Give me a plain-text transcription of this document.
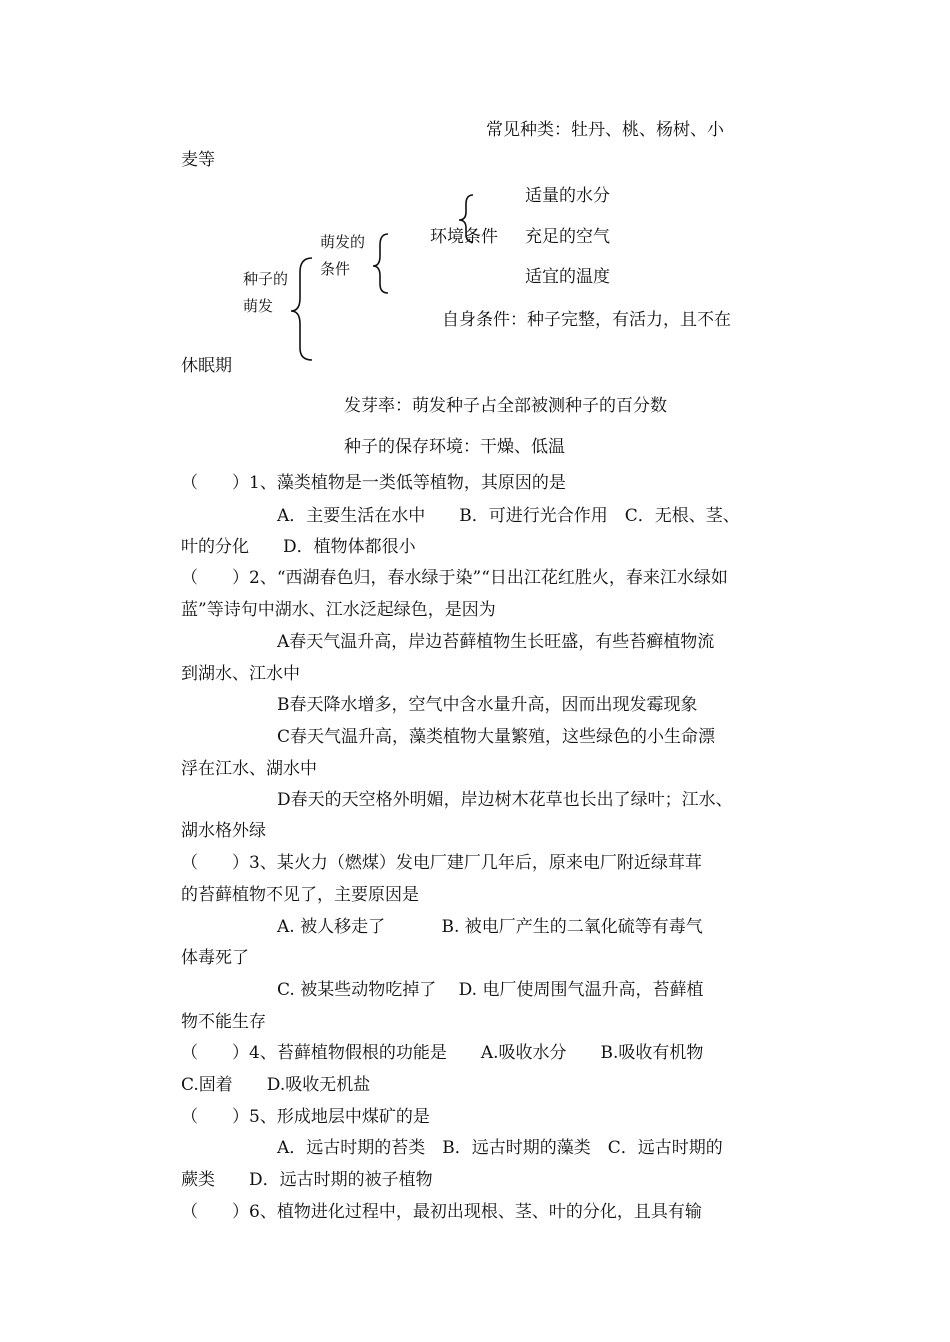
常见种类：牡丹、桃、杨树、小
麦等
适量的水分
环境条件 充足的空气
适宜的温度
萌发的
条件
种子的
萌发
自身条件：种子完整，有活力，且不在
休眠期
发芽率：萌发种子占全部被测种子的百分数
种子的保存环境：干燥、低温
（　　）1、藻类植物是一类低等植物，其原因的是
A．主要生活在水中　　B．可进行光合作用　C．无根、茎、
叶的分化　　D．植物体都很小
（　　）2、“西湖春色归，春水绿于染”“日出江花红胜火，春来江水绿如
蓝”等诗句中湖水、江水泛起绿色，是因为
A春天气温升高，岸边苔藓植物生长旺盛，有些苔癣植物流
到湖水、江水中
B春天降水增多，空气中含水量升高，因而出现发霉现象
C春天气温升高，藻类植物大量繁殖，这些绿色的小生命漂
浮在江水、湖水中
D春天的天空格外明媚，岸边树木花草也长出了绿叶；江水、
湖水格外绿
（　　）3、某火力（燃煤）发电厂建厂几年后，原来电厂附近绿茸茸
的苔藓植物不见了，主要原因是
A. 被人移走了　　　 B. 被电厂产生的二氧化硫等有毒气
体毒死了
C. 被某些动物吃掉了　 D. 电厂使周围气温升高，苔藓植
物不能生存
（　　）4、苔藓植物假根的功能是　　A.吸收水分　　B.吸收有机物
C.固着　　D.吸收无机盐
（　　）5、形成地层中煤矿的是
A．远古时期的苔类　B．远古时期的藻类　C．远古时期的
蕨类　　D．远古时期的被子植物
（　　）6、植物进化过程中，最初出现根、茎、叶的分化，且具有输
